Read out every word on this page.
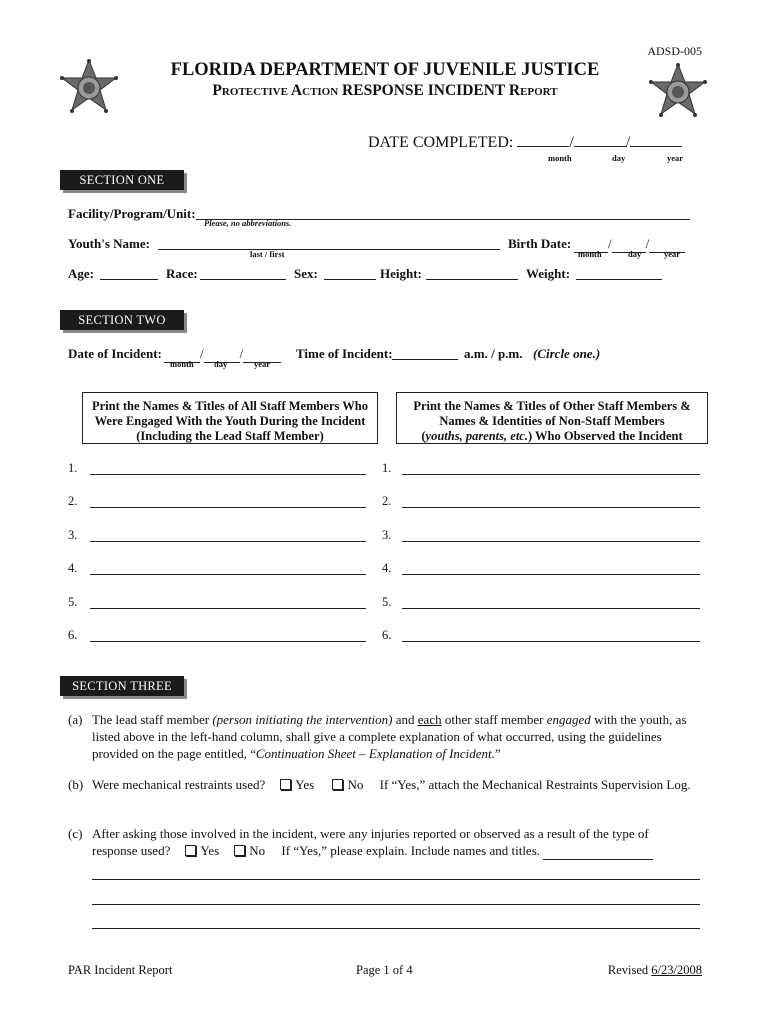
ADSD-005
FLORIDA DEPARTMENT OF JUVENILE JUSTICE
Protective Action RESPONSE INCIDENT Report
DATE COMPLETED:	/	/
month	day	year
SECTION ONE
Facility/Program/Unit:
Please, no abbreviations.
Youth's Name:
last / first
Birth Date:	/	/
month	day	year
Age:	Race:	Sex:	Height:	Weight:
SECTION TWO
Date of Incident:	/	/
month day	year
Time of Incident:	a.m. / p.m. (Circle one.)
Print the Names & Titles of All Staff Members Who Were Engaged With the Youth During the Incident (Including the Lead Staff Member)
Print the Names & Titles of Other Staff Members &
Names & Identities of Non-Staff Members
(youths, parents, etc.) Who Observed the Incident
1.
2.
3.
4.
5.
6.
1.
2.
3.
4.
5.
6.
SECTION THREE
(a) The lead staff member (person initiating the intervention) and each other staff member engaged with the youth, as listed above in the left-hand column, shall give a complete explanation of what occurred, using the guidelines provided on the page entitled, “Continuation Sheet – Explanation of Incident.”
(b) Were mechanical restraints used? Yes	No If “Yes,” attach the Mechanical Restraints Supervision Log.
(c) After asking those involved in the incident, were any injuries reported or observed as a result of the type of response used? Yes No If “Yes,” please explain. Include names and titles.
PAR Incident Report	Page 1 of 4	Revised 6/23/2008
